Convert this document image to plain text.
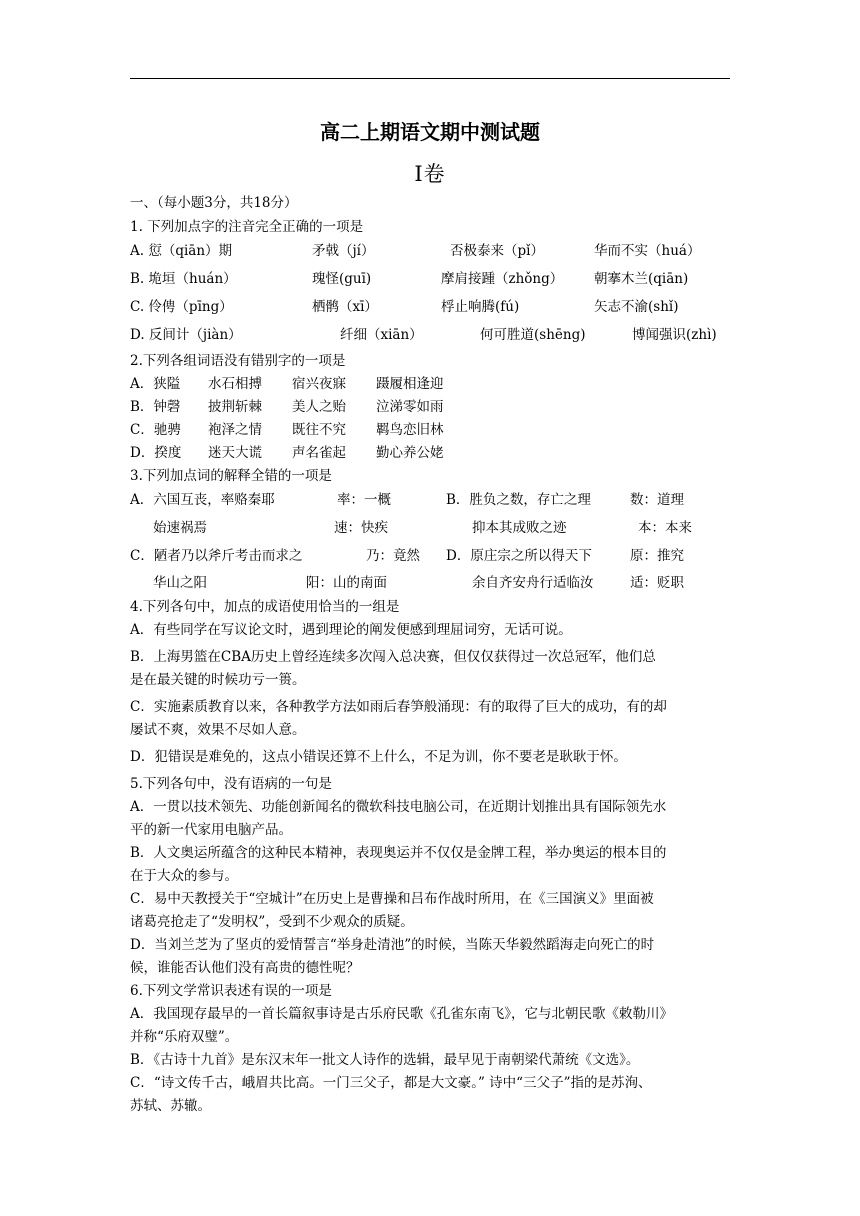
高二上期语文期中测试题
I卷
一、（每小题3分，共18分）
1. 下列加点字的注音完全正确的一项是
A. 愆（qiān）期	矛戟（jí）	否极泰来（pǐ）	华而不实（huá）
B. 垝垣（huán）	瑰怪(guī)	摩肩接踵（zhǒng） 朝搴木兰(qiān)
C. 伶俜（pīng）	栖鹘（xī）	桴止响腾(fú)	矢志不渝(shǐ)
D. 反间计（jiàn）	纤细（xiān）	何可胜道(shēng)	博闻强识(zhì)
2.下列各组词语没有错别字的一项是
A．狭隘 水石相搏 宿兴夜寐 蹑履相逢迎
B．钟磬 披荆斩棘 美人之贻 泣涕零如雨
C．驰骋 袍泽之情 既往不究 羁鸟恋旧林
D．揆度 迷天大谎 声名雀起 勤心养公姥
3.下列加点词的解释全错的一项是
A．六国互丧，率赂秦耶	率：一概	B．胜负之数，存亡之理	数：道理
始速祸焉	速：快疾	抑本其成败之迹	本：本来
C．陋者乃以斧斤考击而求之	乃：竟然 D．原庄宗之所以得天下	原：推究
华山之阳	阳：山的南面	余自齐安舟行适临汝	适：贬职
4.下列各句中，加点的成语使用恰当的一组是
A．有些同学在写议论文时，遇到理论的阐发便感到理屈词穷，无话可说。
B．上海男篮在CBA历史上曾经连续多次闯入总决赛，但仅仅获得过一次总冠军，他们总
是在最关键的时候功亏一篑。
C．实施素质教育以来，各种教学方法如雨后春笋般涌现：有的取得了巨大的成功，有的却
屡试不爽，效果不尽如人意。
D．犯错误是难免的，这点小错误还算不上什么，不足为训，你不要老是耿耿于怀。
5.下列各句中，没有语病的一句是
A．一贯以技术领先、功能创新闻名的微软科技电脑公司，在近期计划推出具有国际领先水
平的新一代家用电脑产品。
B．人文奥运所蕴含的这种民本精神，表现奥运并不仅仅是金牌工程，举办奥运的根本目的
在于大众的参与。
C．易中天教授关于“空城计”在历史上是曹操和吕布作战时所用，在《三国演义》里面被
诸葛亮抢走了“发明权”，受到不少观众的质疑。
D．当刘兰芝为了坚贞的爱情誓言“举身赴清池”的时候，当陈天华毅然蹈海走向死亡的时
候，谁能否认他们没有高贵的德性呢？
6.下列文学常识表述有误的一项是
A．我国现存最早的一首长篇叙事诗是古乐府民歌《孔雀东南飞》，它与北朝民歌《敕勒川》
并称“乐府双璧”。
B．《古诗十九首》是东汉末年一批文人诗作的选辑，最早见于南朝梁代萧统《文选》。
C．“诗文传千古，峨眉共比高。一门三父子，都是大文豪。” 诗中“三父子”指的是苏洵、
苏轼、苏辙。
